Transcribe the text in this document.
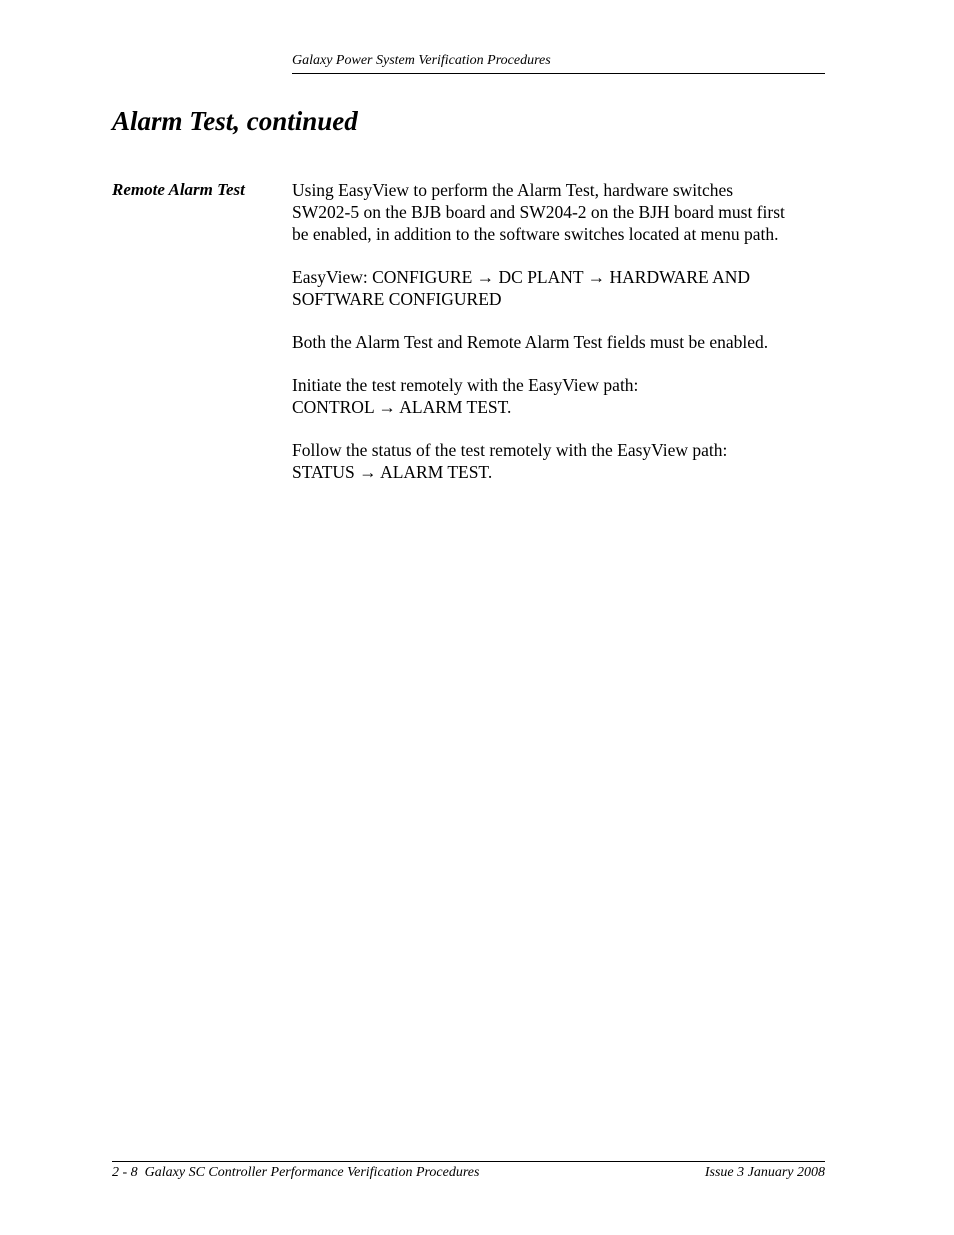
Galaxy Power System Verification Procedures
Alarm Test, continued
Remote Alarm Test	Using EasyView to perform the Alarm Test, hardware switches
SW202-5 on the BJB board and SW204-2 on the BJH board must first
be enabled, in addition to the software switches located at menu path.

EasyView: CONFIGURE → DC PLANT → HARDWARE AND
SOFTWARE CONFIGURED

Both the Alarm Test and Remote Alarm Test fields must be enabled.

Initiate the test remotely with the EasyView path:
CONTROL → ALARM TEST.

Follow the status of the test remotely with the EasyView path:
STATUS → ALARM TEST.

2 - 8  Galaxy SC Controller Performance Verification Procedures	Issue 3 January 2008
